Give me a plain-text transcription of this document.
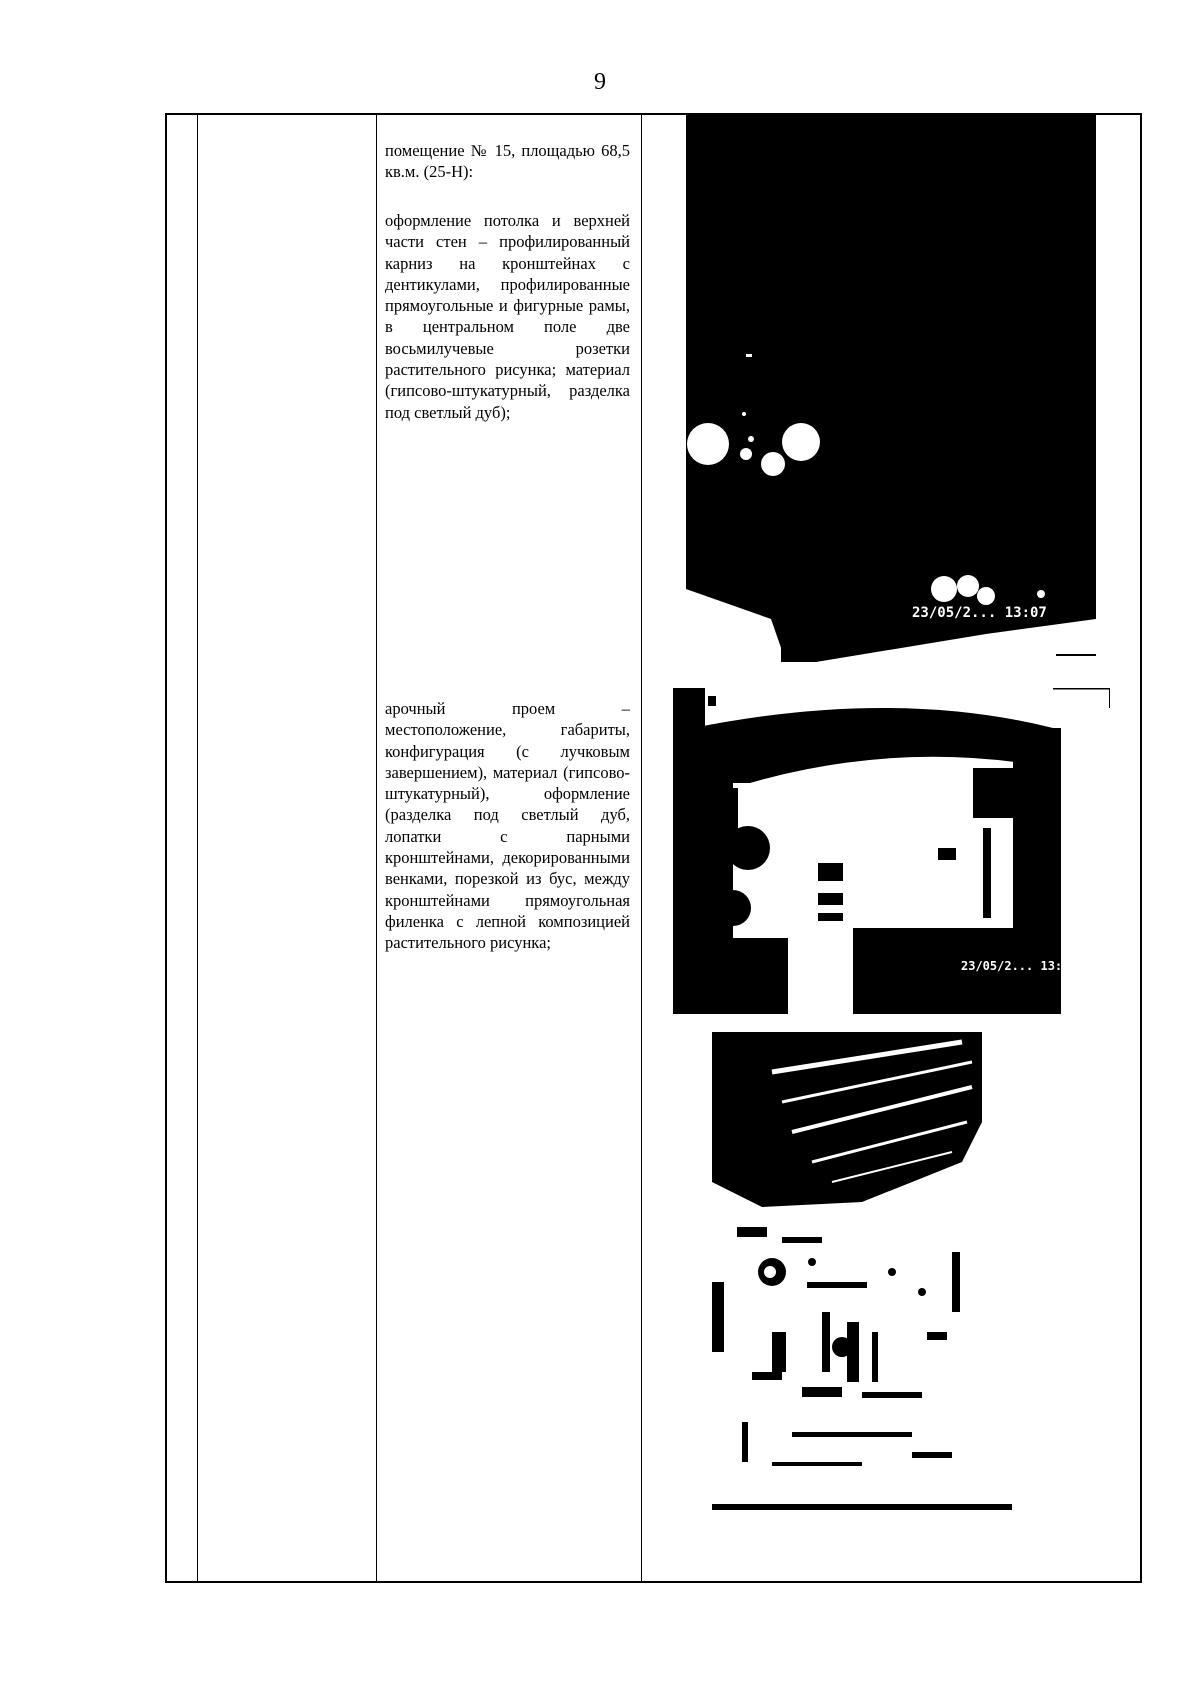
9

помещение № 15, площадью 68,5 кв.м. (25-Н):

оформление потолка и верхней части стен – профилированный карниз на кронштейнах с дентикулами, профилированные прямоугольные и фигурные рамы, в центральном поле две восьмилучевые розетки растительного рисунка; материал (гипсово-штукатурный, разделка под светлый дуб);

арочный проем – местоположение, габариты, конфигурация (с лучковым завершением), материал (гипсово-штукатурный), оформление (разделка под светлый дуб, лопатки с парными кронштейнами, декорированными венками, порезкой из бус, между кронштейнами прямоугольная филенка с лепной композицией растительного рисунка;

23/05/2... 13:07
23/05/2... 13:07
